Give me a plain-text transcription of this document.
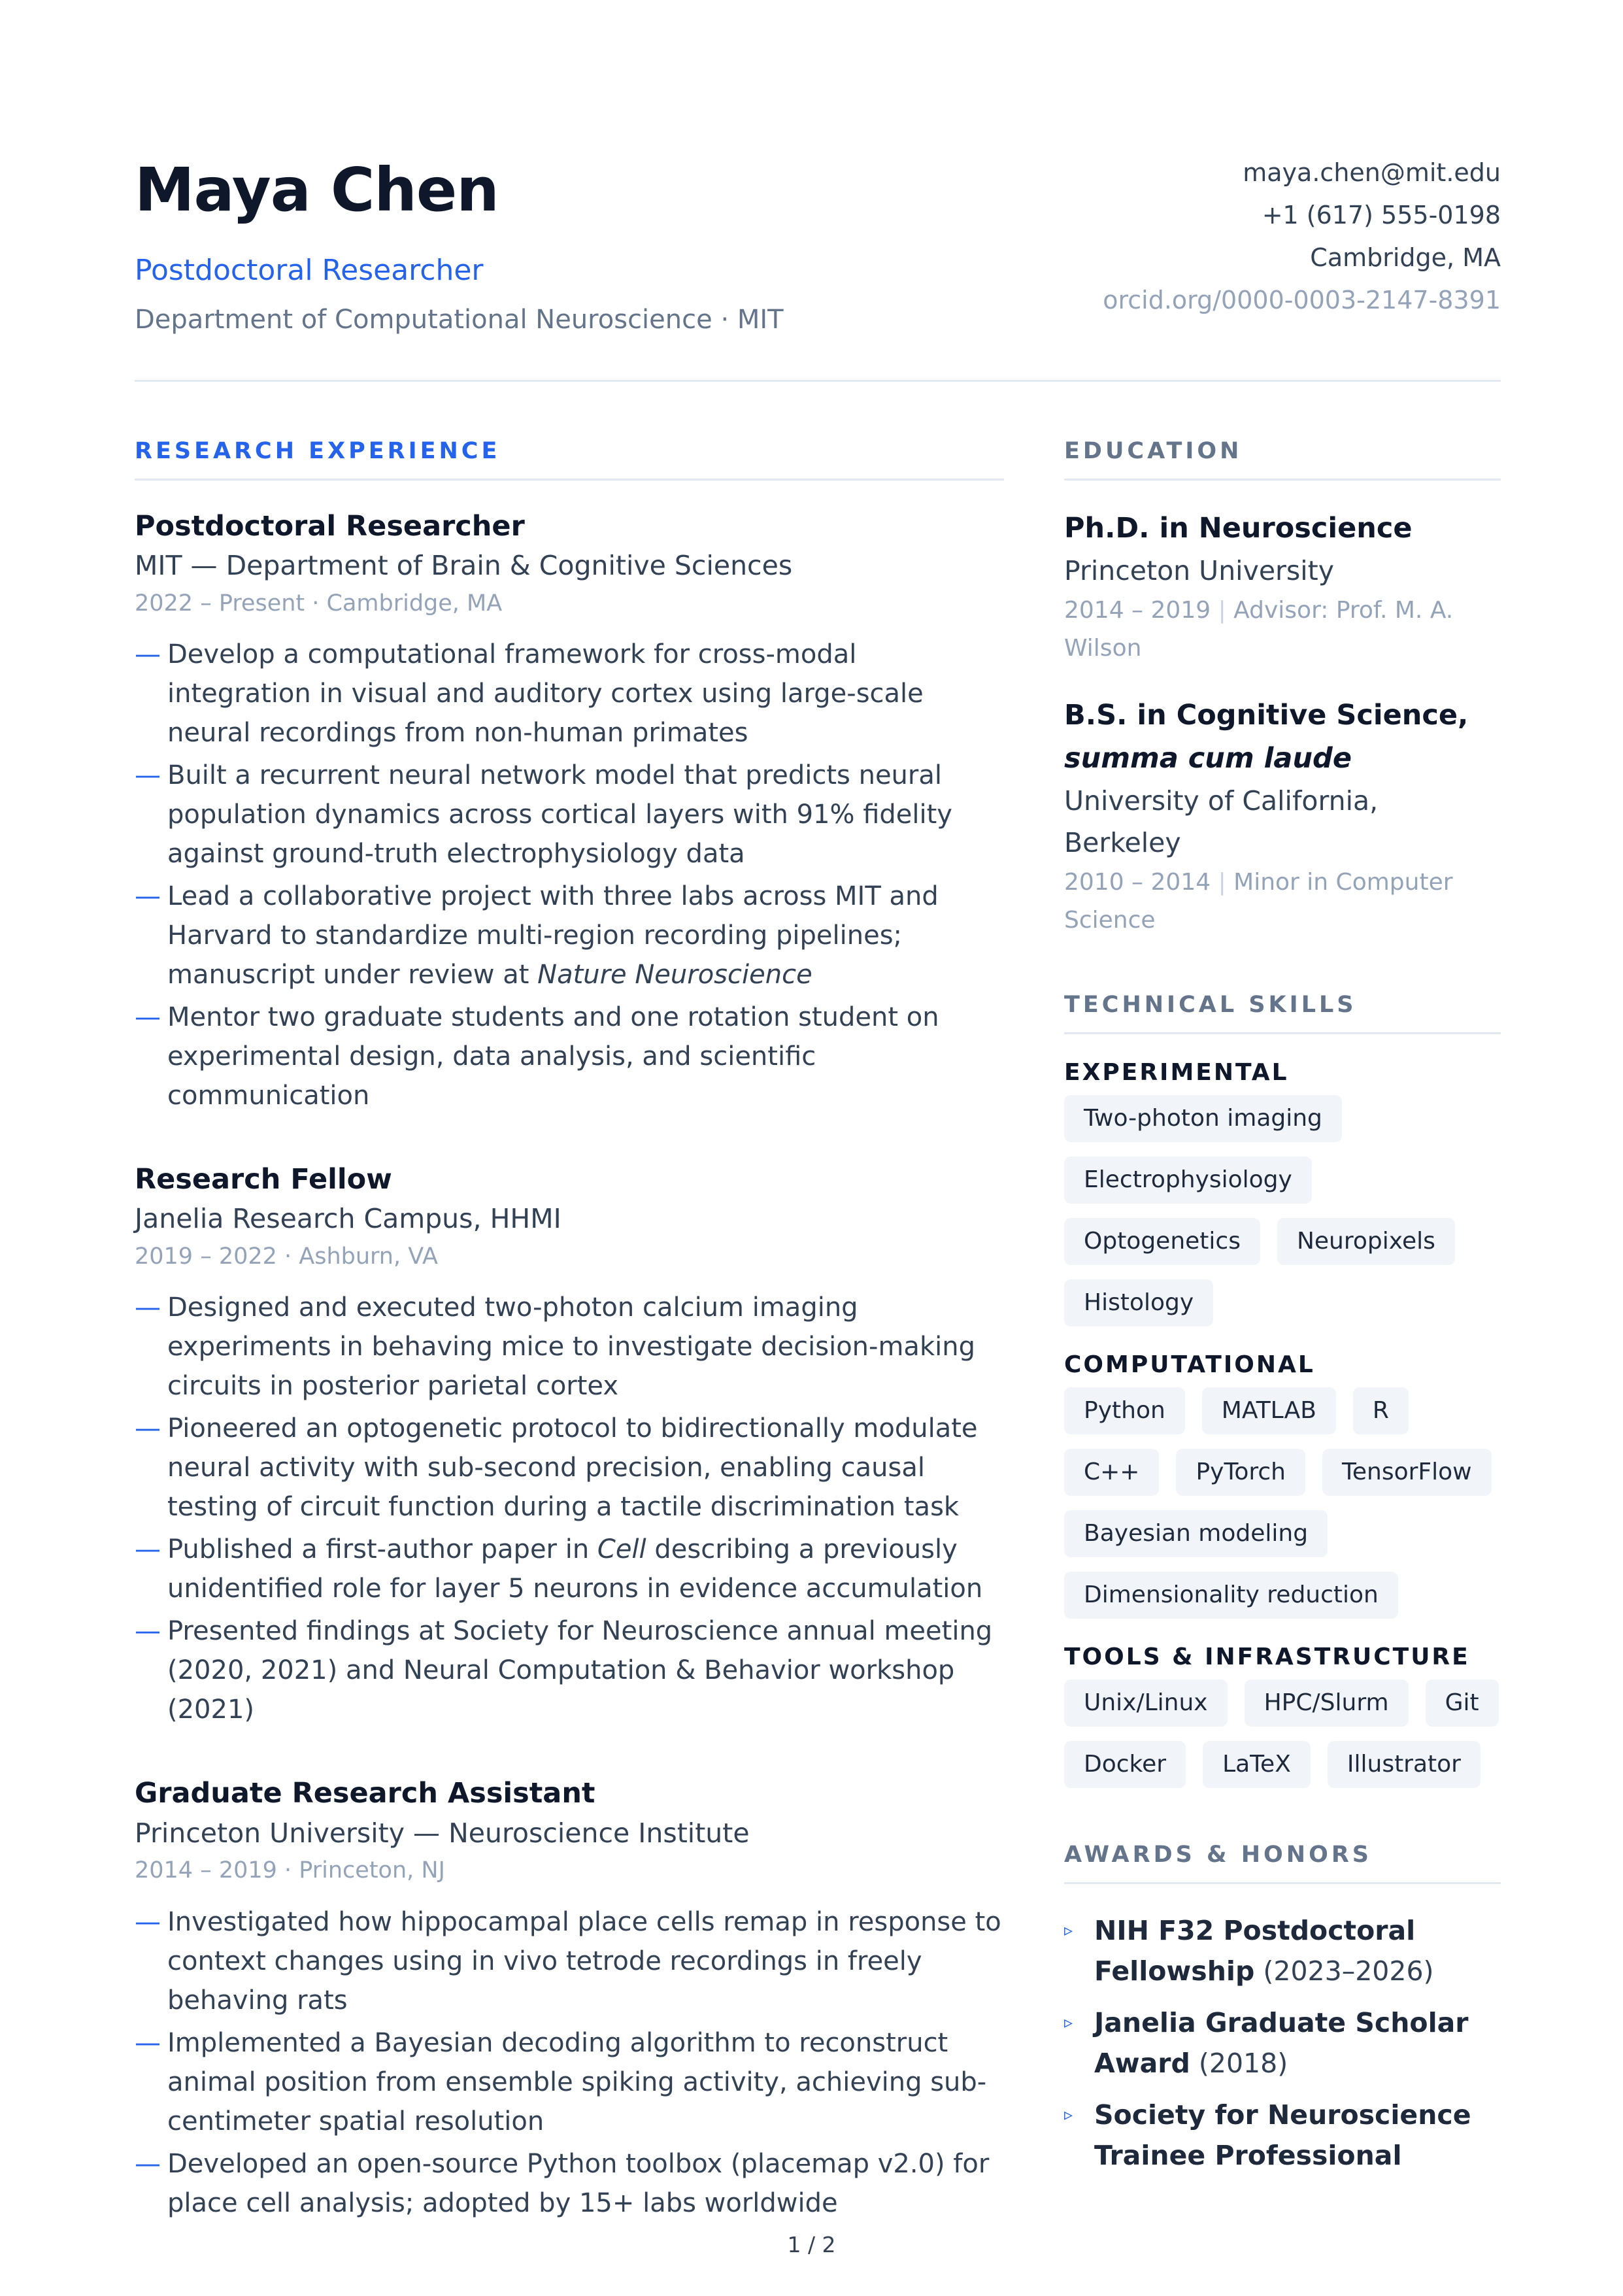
Maya Chen
Postdoctoral Researcher
Department of Computational Neuroscience · MIT
maya.chen@mit.edu
+1 (617) 555-0198
Cambridge, MA
orcid.org/0000-0003-2147-8391
RESEARCH EXPERIENCE
Postdoctoral Researcher
MIT — Department of Brain & Cognitive Sciences
2022 – Present · Cambridge, MA
— Develop a computational framework for cross-modal integration in visual and auditory cortex using large-scale neural recordings from non-human primates
— Built a recurrent neural network model that predicts neural population dynamics across cortical layers with 91% fidelity against ground-truth electrophysiology data
— Lead a collaborative project with three labs across MIT and Harvard to standardize multi-region recording pipelines; manuscript under review at Nature Neuroscience
— Mentor two graduate students and one rotation student on experimental design, data analysis, and scientific communication
Research Fellow
Janelia Research Campus, HHMI
2019 – 2022 · Ashburn, VA
— Designed and executed two-photon calcium imaging experiments in behaving mice to investigate decision-making circuits in posterior parietal cortex
— Pioneered an optogenetic protocol to bidirectionally modulate neural activity with sub-second precision, enabling causal testing of circuit function during a tactile discrimination task
— Published a first-author paper in Cell describing a previously unidentified role for layer 5 neurons in evidence accumulation
— Presented findings at Society for Neuroscience annual meeting (2020, 2021) and Neural Computation & Behavior workshop (2021)
Graduate Research Assistant
Princeton University — Neuroscience Institute
2014 – 2019 · Princeton, NJ
— Investigated how hippocampal place cells remap in response to context changes using in vivo tetrode recordings in freely behaving rats
— Implemented a Bayesian decoding algorithm to reconstruct animal position from ensemble spiking activity, achieving sub-centimeter spatial resolution
— Developed an open-source Python toolbox (placemap v2.0) for place cell analysis; adopted by 15+ labs worldwide
EDUCATION
Ph.D. in Neuroscience
Princeton University
2014 – 2019 | Advisor: Prof. M. A. Wilson
B.S. in Cognitive Science,
summa cum laude
University of California, Berkeley
2010 – 2014 | Minor in Computer Science
TECHNICAL SKILLS
EXPERIMENTAL
Two-photon imaging
Electrophysiology
Optogenetics	Neuropixels
Histology
COMPUTATIONAL
Python	MATLAB	R
C++	PyTorch	TensorFlow
Bayesian modeling
Dimensionality reduction
TOOLS & INFRASTRUCTURE
Unix/Linux	HPC/Slurm	Git
Docker	LaTeX	Illustrator
AWARDS & HONORS
▹ NIH F32 Postdoctoral Fellowship (2023–2026)
▹ Janelia Graduate Scholar Award (2018)
▹ Society for Neuroscience Trainee Professional
1 / 2
